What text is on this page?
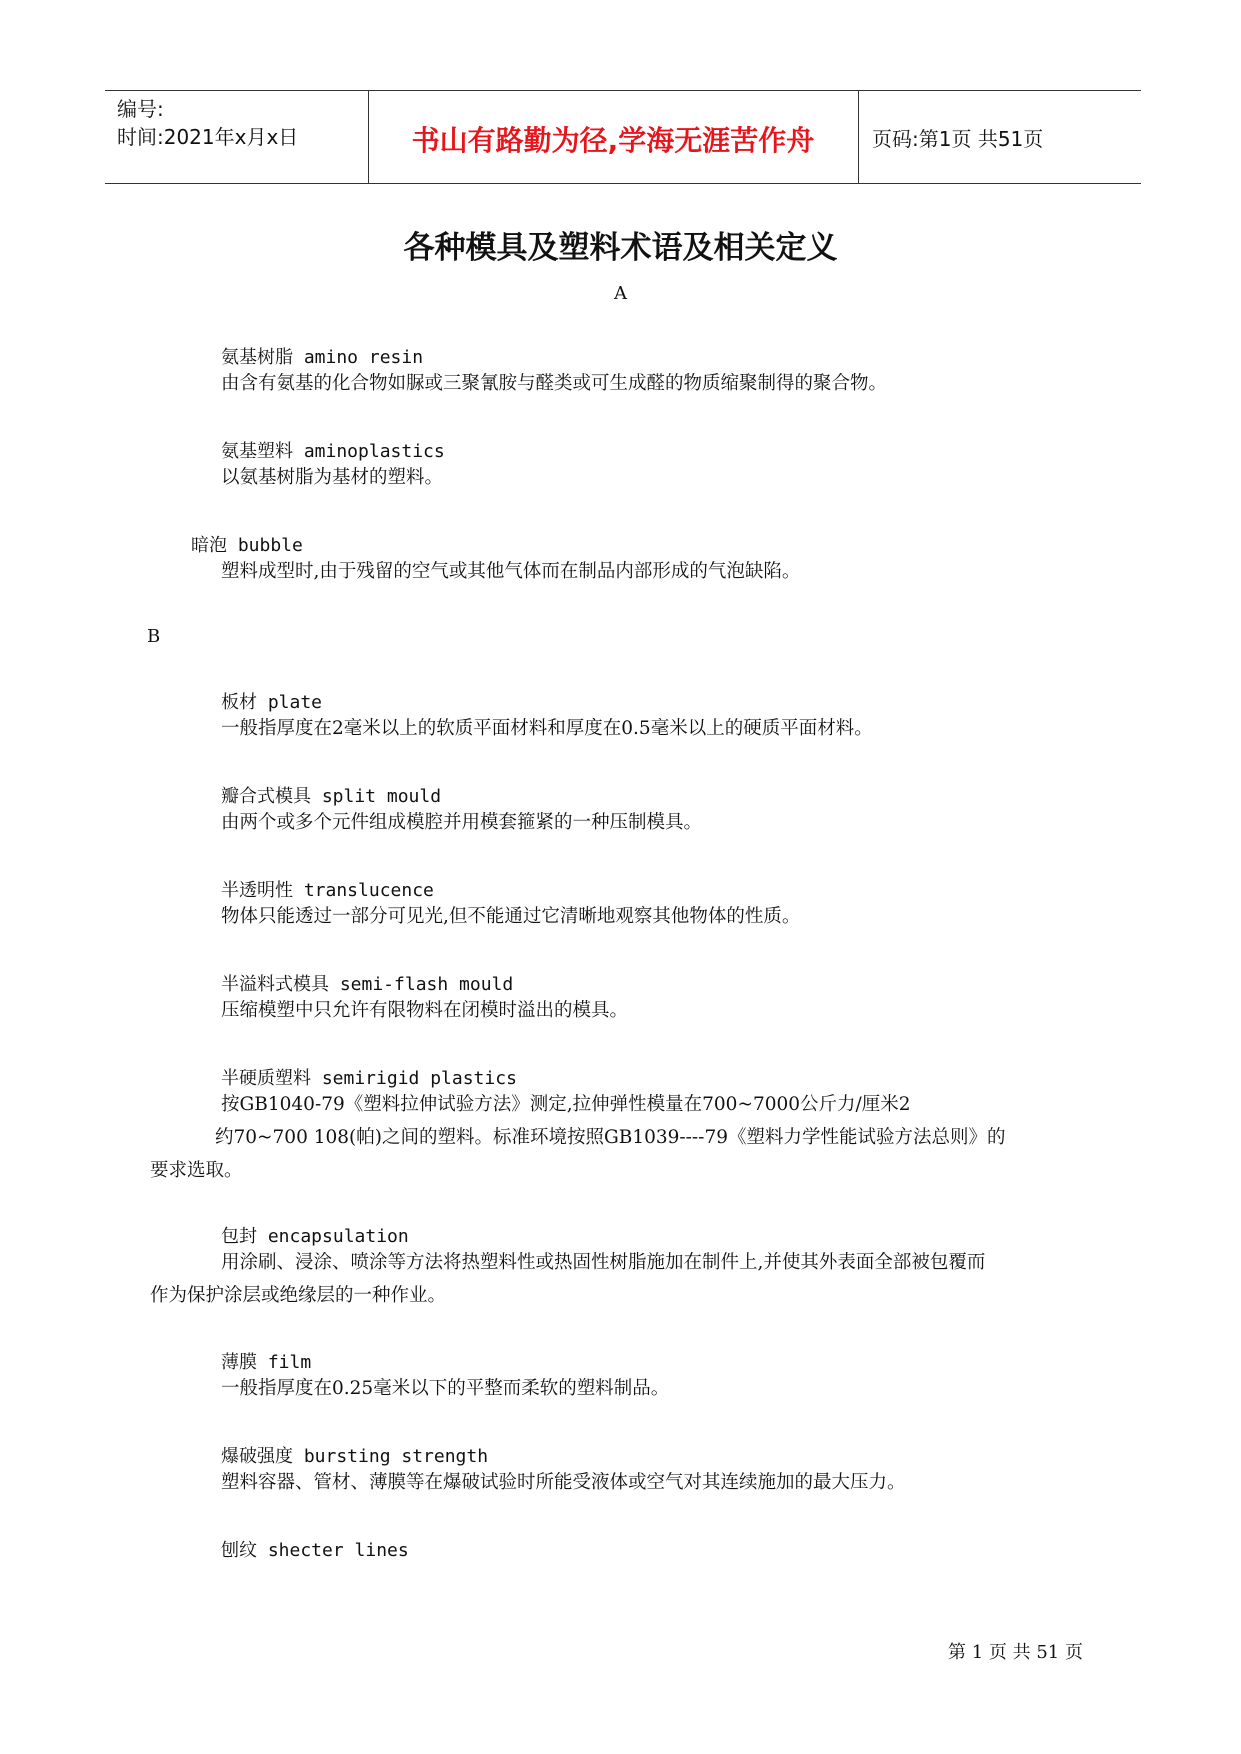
编号:
时间:2021年x月x日	书山有路勤为径,学海无涯苦作舟	页码:第1页 共51页
各种模具及塑料术语及相关定义
A
氨基树脂 amino resin
由含有氨基的化合物如脲或三聚氰胺与醛类或可生成醛的物质缩聚制得的聚合物。
氨基塑料 aminoplastics
以氨基树脂为基材的塑料。
暗泡 bubble
塑料成型时,由于残留的空气或其他气体而在制品内部形成的气泡缺陷。
B
板材 plate
一般指厚度在2毫米以上的软质平面材料和厚度在0.5毫米以上的硬质平面材料。
瓣合式模具 split mould
由两个或多个元件组成模腔并用模套箍紧的一种压制模具。
半透明性 translucence
物体只能透过一部分可见光,但不能通过它清晰地观察其他物体的性质。
半溢料式模具 semi-flash mould
压缩模塑中只允许有限物料在闭模时溢出的模具。
半硬质塑料 semirigid plastics
按GB1040-79《塑料拉伸试验方法》测定,拉伸弹性模量在700~7000公斤力/厘米2
约70~700 108(帕)之间的塑料。标准环境按照GB1039----79《塑料力学性能试验方法总则》的
要求选取。
包封 encapsulation
用涂刷、浸涂、喷涂等方法将热塑料性或热固性树脂施加在制件上,并使其外表面全部被包覆而
作为保护涂层或绝缘层的一种作业。
薄膜 film
一般指厚度在0.25毫米以下的平整而柔软的塑料制品。
爆破强度 bursting strength
塑料容器、管材、薄膜等在爆破试验时所能受液体或空气对其连续施加的最大压力。
刨纹 shecter lines
第 1 页 共 51 页
